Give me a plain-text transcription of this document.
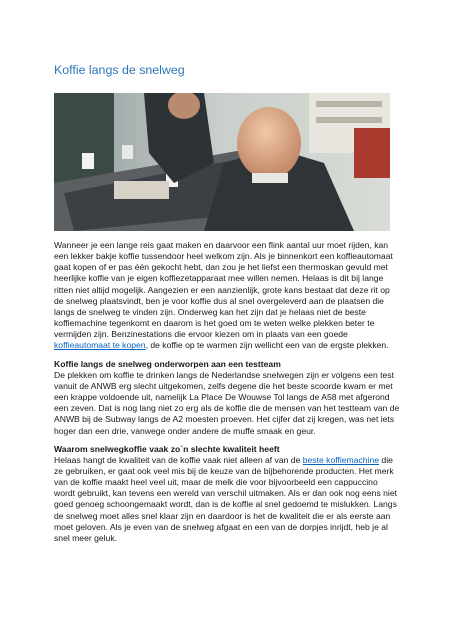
Koffie langs de snelweg

Wanneer je een lange reis gaat maken en daarvoor een flink aantal uur moet rijden, kan een lekker bakje koffie tussendoor heel welkom zijn. Als je binnenkort een koffieautomaat gaat kopen of er pas één gekocht hebt, dan zou je het liefst een thermoskan gevuld met heerlijke koffie van je eigen koffiezetapparaat mee willen nemen. Helaas is dit bij lange ritten niet altijd mogelijk. Aangezien er een aanzienlijk, grote kans bestaat dat deze rit op de snelweg plaatsvindt, ben je voor koffie dus al snel overgeleverd aan de plaatsen die langs de snelweg te vinden zijn. Onderweg kan het zijn dat je helaas niet de beste koffiemachine tegenkomt en daarom is het goed om te weten welke plekken beter te vermijden zijn. Benzinestations die ervoor kiezen om in plaats van een goede koffieautomaat te kopen, de koffie op te warmen zijn wellicht een van de ergste plekken.

Koffie langs de snelweg onderworpen aan een testteam
De plekken om koffie te drinken langs de Nederlandse snelwegen zijn er volgens een test vanuit de ANWB erg slecht uitgekomen, zelfs degene die het beste scoorde kwam er met een krappe voldoende uit, namelijk La Place De Wouwse Tol langs de A58 met afgerond een zeven. Dat is nog lang niet zo erg als de koffie die de mensen van het testteam van de ANWB bij de Subway langs de A2 moesten proeven. Het cijfer dat zij kregen, was net iets hoger dan een drie, vanwege onder andere de muffe smaak en geur.

Waarom snelwegkoffie vaak zo´n slechte kwaliteit heeft
Helaas hangt de kwaliteit van de koffie vaak niet alleen af van de beste koffiemachine die ze gebruiken, er gaat ook veel mis bij de keuze van de bijbehorende producten. Het merk van de koffie maakt heel veel uit, maar de melk die voor bijvoorbeeld een cappuccino wordt gebruikt, kan tevens een wereld van verschil uitmaken. Als er dan ook nog eens niet goed genoeg schoongemaakt wordt, dan is de koffie al snel gedoemd te mislukken. Langs de snelweg moet alles snel klaar zijn en daardoor is het de kwaliteit die er als eerste aan moet geloven. Als je even van de snelweg afgaat en een van de dorpjes inrijdt, heb je al snel meer geluk.
